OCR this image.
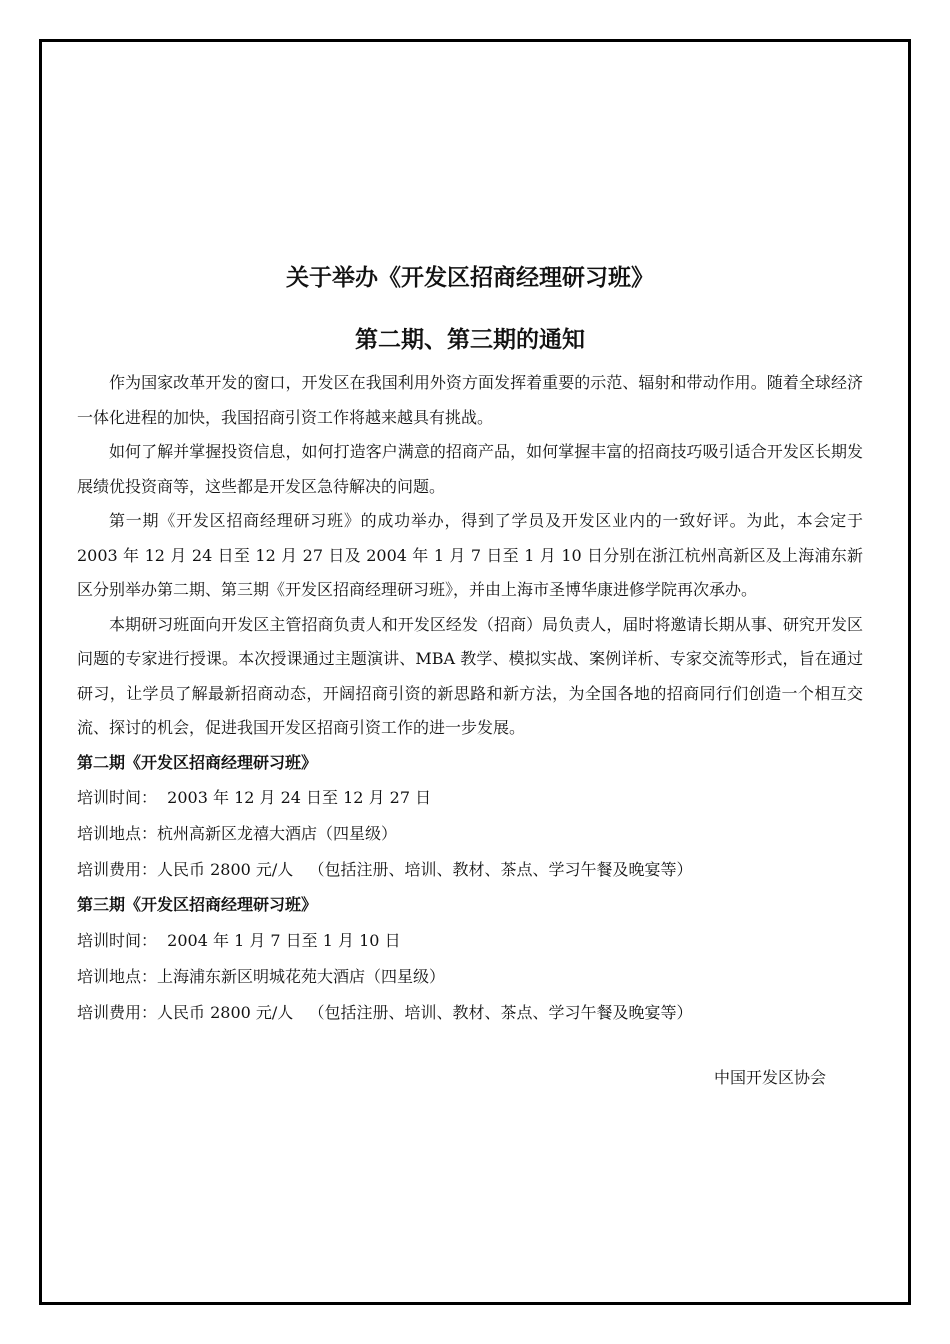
关于举办《开发区招商经理研习班》
第二期、第三期的通知

作为国家改革开发的窗口，开发区在我国利用外资方面发挥着重要的示范、辐射和带动作用。随着全球经济一体化进程的加快，我国招商引资工作将越来越具有挑战。

如何了解并掌握投资信息，如何打造客户满意的招商产品，如何掌握丰富的招商技巧吸引适合开发区长期发展绩优投资商等，这些都是开发区急待解决的问题。

第一期《开发区招商经理研习班》的成功举办，得到了学员及开发区业内的一致好评。为此，本会定于 2003 年 12 月 24 日至 12 月 27 日及 2004 年 1 月 7 日至 1 月 10 日分别在浙江杭州高新区及上海浦东新区分别举办第二期、第三期《开发区招商经理研习班》，并由上海市圣博华康进修学院再次承办。

本期研习班面向开发区主管招商负责人和开发区经发（招商）局负责人，届时将邀请长期从事、研究开发区问题的专家进行授课。本次授课通过主题演讲、MBA 教学、模拟实战、案例详析、专家交流等形式，旨在通过研习，让学员了解最新招商动态，开阔招商引资的新思路和新方法，为全国各地的招商同行们创造一个相互交流、探讨的机会，促进我国开发区招商引资工作的进一步发展。

第二期《开发区招商经理研习班》

培训时间：  2003 年 12 月 24 日至 12 月 27 日

培训地点：杭州高新区龙禧大酒店（四星级）

培训费用：人民币 2800 元/人   （包括注册、培训、教材、茶点、学习午餐及晚宴等）

第三期《开发区招商经理研习班》

培训时间：  2004 年 1 月 7 日至 1 月 10 日

培训地点：上海浦东新区明城花苑大酒店（四星级）

培训费用：人民币 2800 元/人   （包括注册、培训、教材、茶点、学习午餐及晚宴等）

中国开发区协会
